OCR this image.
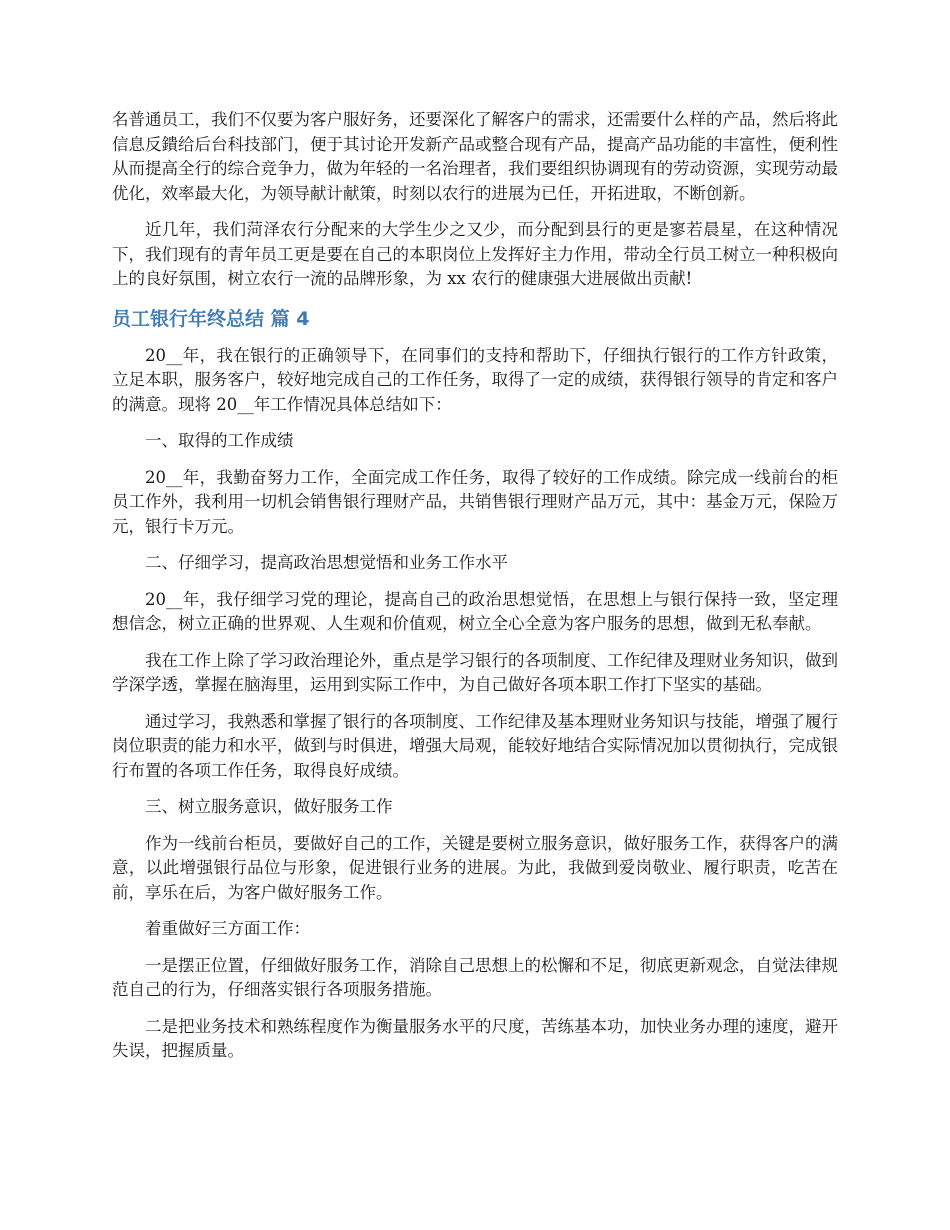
名普通员工，我们不仅要为客户服好务，还要深化了解客户的需求，还需要什么样的产品，然后将此信息反鐀给后台科技部门，便于其讨论开发新产品或整合现有产品，提高产品功能的丰富性，便利性从而提高全行的综合竞争力，做为年轻的一名治理者，我们要组织协调现有的劳动资源，实现劳动最优化，效率最大化，为领导献计献策，时刻以农行的进展为已任，开拓进取，不断创新。

近几年，我们菏泽农行分配来的大学生少之又少，而分配到县行的更是寥若晨星，在这种情况下，我们现有的青年员工更是要在自己的本职岗位上发挥好主力作用，带动全行员工树立一种积极向上的良好氛围，树立农行一流的品牌形象，为 xx 农行的健康强大进展做出贡献!

员工银行年终总结 篇 4

20__年，我在银行的正确领导下，在同事们的支持和帮助下，仔细执行银行的工作方针政策，立足本职，服务客户，较好地完成自己的工作任务，取得了一定的成绩，获得银行领导的肯定和客户的满意。现将 20__年工作情况具体总结如下：

一、取得的工作成绩

20__年，我勤奋努力工作，全面完成工作任务，取得了较好的工作成绩。除完成一线前台的柜员工作外，我利用一切机会销售银行理财产品，共销售银行理财产品万元，其中：基金万元，保险万元，银行卡万元。

二、仔细学习，提高政治思想觉悟和业务工作水平

20__年，我仔细学习党的理论，提高自己的政治思想觉悟，在思想上与银行保持一致，坚定理想信念，树立正确的世界观、人生观和价值观，树立全心全意为客户服务的思想，做到无私奉献。

我在工作上除了学习政治理论外，重点是学习银行的各项制度、工作纪律及理财业务知识，做到学深学透，掌握在脑海里，运用到实际工作中，为自己做好各项本职工作打下坚实的基础。

通过学习，我熟悉和掌握了银行的各项制度、工作纪律及基本理财业务知识与技能，增强了履行岗位职责的能力和水平，做到与时俱进，增强大局观，能较好地结合实际情况加以贯彻执行，完成银行布置的各项工作任务，取得良好成绩。

三、树立服务意识，做好服务工作

作为一线前台柜员，要做好自己的工作，关键是要树立服务意识，做好服务工作，获得客户的满意，以此增强银行品位与形象，促进银行业务的进展。为此，我做到爱岗敬业、履行职责，吃苦在前，享乐在后，为客户做好服务工作。

着重做好三方面工作：

一是摆正位置，仔细做好服务工作，消除自己思想上的松懈和不足，彻底更新观念，自觉法律规范自己的行为，仔细落实银行各项服务措施。

二是把业务技术和熟练程度作为衡量服务水平的尺度，苦练基本功，加快业务办理的速度，避开失误，把握质量。
